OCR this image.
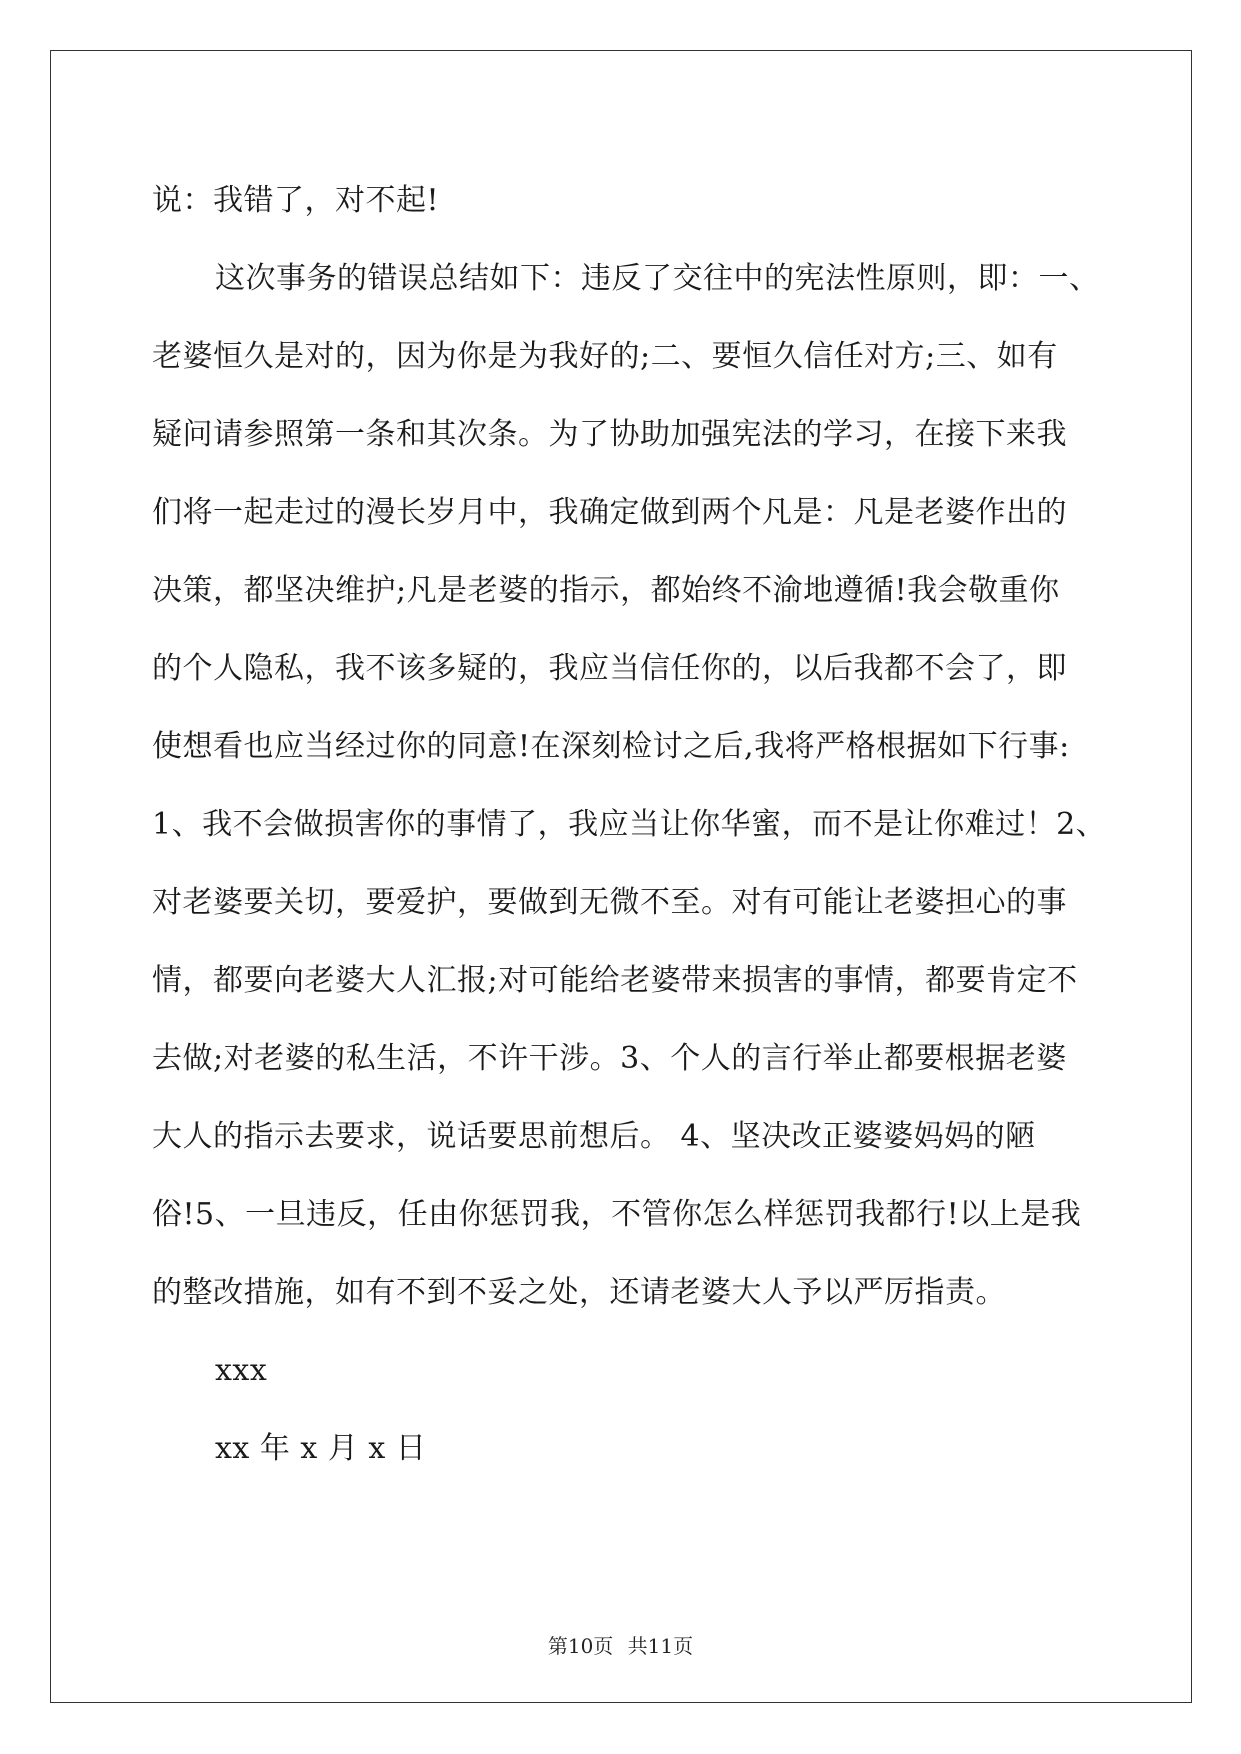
说：我错了，对不起!
这次事务的错误总结如下：违反了交往中的宪法性原则，即：一、
老婆恒久是对的，因为你是为我好的;二、要恒久信任对方;三、如有
疑问请参照第一条和其次条。为了协助加强宪法的学习，在接下来我
们将一起走过的漫长岁月中，我确定做到两个凡是：凡是老婆作出的
决策，都坚决维护;凡是老婆的指示，都始终不渝地遵循!我会敬重你
的个人隐私，我不该多疑的，我应当信任你的，以后我都不会了，即
使想看也应当经过你的同意!在深刻检讨之后,我将严格根据如下行事:
1、我不会做损害你的事情了，我应当让你华蜜，而不是让你难过！2、
对老婆要关切，要爱护，要做到无微不至。对有可能让老婆担心的事
情，都要向老婆大人汇报;对可能给老婆带来损害的事情，都要肯定不
去做;对老婆的私生活，不许干涉。3、个人的言行举止都要根据老婆
大人的指示去要求，说话要思前想后。 4、坚决改正婆婆妈妈的陋
俗!5、一旦违反，任由你惩罚我，不管你怎么样惩罚我都行!以上是我
的整改措施，如有不到不妥之处，还请老婆大人予以严厉指责。
xxx
xx 年 x 月 x 日
第10页 共11页
